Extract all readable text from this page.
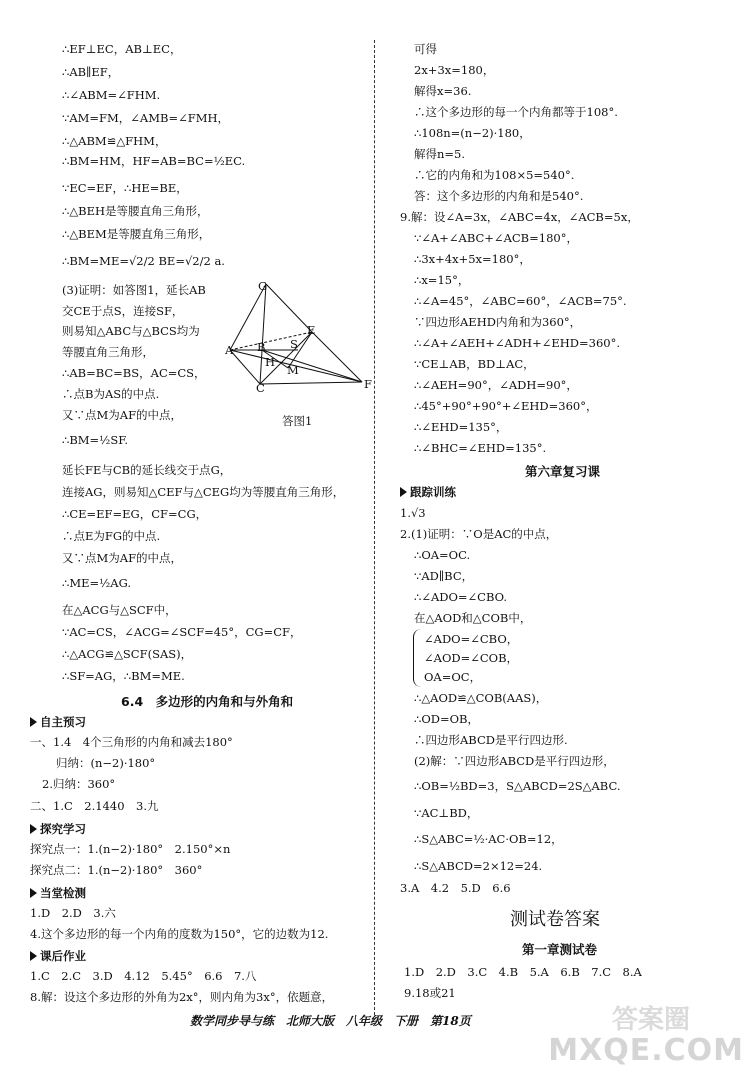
∴EF⊥EC，AB⊥EC，
∴AB∥EF，
∴∠ABM=∠FHM.
∵AM=FM，∠AMB=∠FMH，
∴△ABM≌△FHM，
∴BM=HM，HF=AB=BC=½EC.
∵EC=EF，∴HE=BE，
∴△BEH是等腰直角三角形，
∴△BEM是等腰直角三角形，
∴BM=ME=√2/2 BE=√2/2 a.
(3)证明：如答图1，延长AB
交CE于点S，连接SF，
则易知△ABC与△BCS均为
等腰直角三角形，
∴AB=BC=BS，AC=CS，
∴点B为AS的中点.
又∵点M为AF的中点，
∴BM=½SF.
延长FE与CB的延长线交于点G，
连接AG，则易知△CEF与△CEG均为等腰直角三角形，
∴CE=EF=EG，CF=CG，
∴点E为FG的中点.
又∵点M为AF的中点，
∴ME=½AG.
在△ACG与△SCF中，
∵AC=CS，∠ACG=∠SCF=45°，CG=CF，
∴△ACG≌△SCF(SAS)，
∴SF=AG，∴BM=ME.
G
A B S
E
H
M
C	F
答图1
6.4　多边形的内角和与外角和
自主预习
一、1.4　4个三角形的内角和减去180°
归纳：(n−2)·180°
2.归纳：360°
二、1.C　2.1440　3.九
探究学习
探究点一：1.(n−2)·180°　2.150°×n
探究点二：1.(n−2)·180°　360°
当堂检测
1.D　2.D　3.六
4.这个多边形的每一个内角的度数为150°，它的边数为12.
课后作业
1.C　2.C　3.D　4.12　5.45°　6.6　7.八
8.解：设这个多边形的外角为2x°，则内角为3x°，依题意，
可得
2x+3x=180，
解得x=36.
∴这个多边形的每一个内角都等于108°.
∴108n=(n−2)·180，
解得n=5.
∴它的内角和为108×5=540°.
答：这个多边形的内角和是540°.
9.解：设∠A=3x，∠ABC=4x，∠ACB=5x，
∵∠A+∠ABC+∠ACB=180°，
∴3x+4x+5x=180°，
∴x=15°，
∴∠A=45°，∠ABC=60°，∠ACB=75°.
∵四边形AEHD内角和为360°，
∴∠A+∠AEH+∠ADH+∠EHD=360°.
∵CE⊥AB，BD⊥AC，
∴∠AEH=90°，∠ADH=90°，
∴45°+90°+90°+∠EHD=360°，
∴∠EHD=135°，
∴∠BHC=∠EHD=135°.
第六章复习课
跟踪训练
1.√3
2.(1)证明：∵O是AC的中点，
∴OA=OC.
∵AD∥BC，
∴∠ADO=∠CBO.
在△AOD和△COB中，
∠ADO=∠CBO，
∠AOD=∠COB，
OA=OC，
∴△AOD≌△COB(AAS)，
∴OD=OB，
∴四边形ABCD是平行四边形.
(2)解：∵四边形ABCD是平行四边形，
∴OB=½BD=3，S△ABCD=2S△ABC.
∵AC⊥BD，
∴S△ABC=½·AC·OB=12，
∴S△ABCD=2×12=24.
3.A　4.2　5.D　6.6
测试卷答案
第一章测试卷
1.D　2.D　3.C　4.B　5.A　6.B　7.C　8.A
9.18或21
数学同步导与练　北师大版　八年级　下册　第18页	答案圈
MXQE.COM
